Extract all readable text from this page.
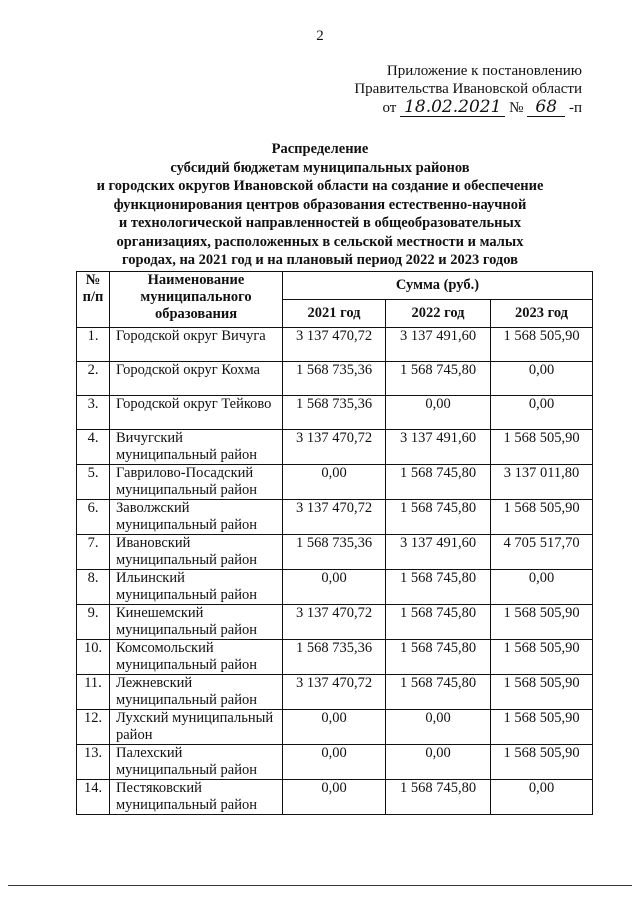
2
Приложение к постановлению
Правительства Ивановской области
от 18.02.2021 № 68 -п
Распределение
субсидий бюджетам муниципальных районов
и городских округов Ивановской области на создание и обеспечение
функционирования центров образования естественно-научной
и технологической направленностей в общеобразовательных
организациях, расположенных в сельской местности и малых
городах, на 2021 год и на плановый период 2022 и 2023 годов
№
п/п	Наименование муниципального образования	Сумма (руб.)		
		2021 год	2022 год	2023 год
1.	Городской округ Вичуга	3 137 470,72	3 137 491,60	1 568 505,90
2.	Городской округ Кохма	1 568 735,36	1 568 745,80	0,00
3.	Городской округ Тейково	1 568 735,36	0,00	0,00
4.	Вичугский муниципальный район	3 137 470,72	3 137 491,60	1 568 505,90
5.	Гаврилово-Посадский муниципальный район	0,00	1 568 745,80	3 137 011,80
6.	Заволжский муниципальный район	3 137 470,72	1 568 745,80	1 568 505,90
7.	Ивановский муниципальный район	1 568 735,36	3 137 491,60	4 705 517,70
8.	Ильинский муниципальный район	0,00	1 568 745,80	0,00
9.	Кинешемский муниципальный район	3 137 470,72	1 568 745,80	1 568 505,90
10.	Комсомольский муниципальный район	1 568 735,36	1 568 745,80	1 568 505,90
11.	Лежневский муниципальный район	3 137 470,72	1 568 745,80	1 568 505,90
12.	Лухский муниципальный район	0,00	0,00	1 568 505,90
13.	Палехский муниципальный район	0,00	0,00	1 568 505,90
14.	Пестяковский муниципальный район	0,00	1 568 745,80	0,00
